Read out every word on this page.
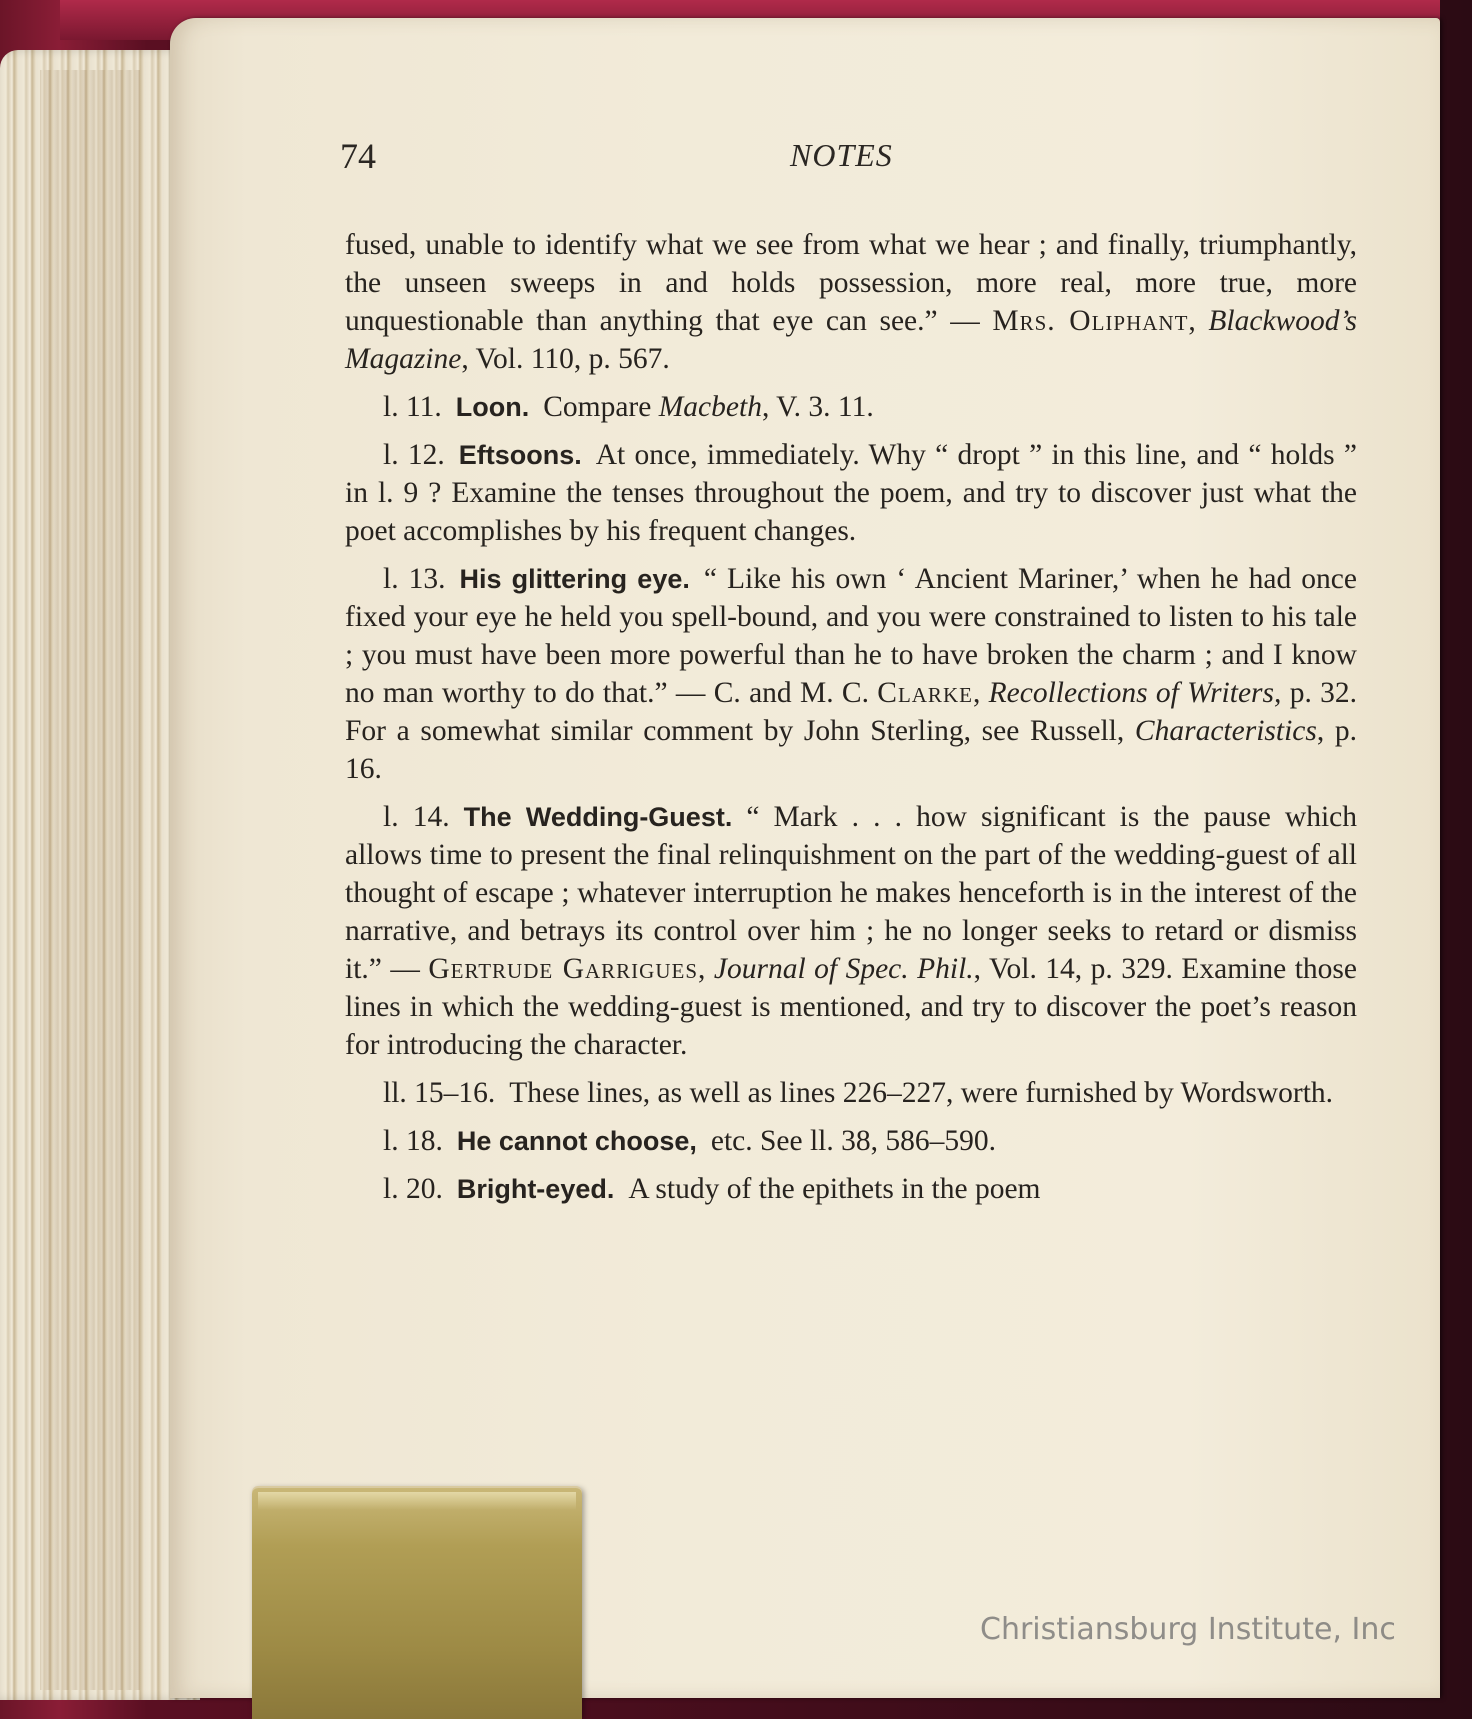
74	NOTES

fused, unable to identify what we see from what we hear ; and finally, triumphantly, the unseen sweeps in and holds possession, more real, more true, more unquestionable than anything that eye can see.” — Mrs. Oliphant, Blackwood’s Magazine, Vol. 110, p. 567.

l. 11. Loon. Compare Macbeth, V. 3. 11.

l. 12. Eftsoons. At once, immediately. Why “ dropt ” in this line, and “ holds ” in l. 9 ? Examine the tenses throughout the poem, and try to discover just what the poet accomplishes by his frequent changes.

l. 13. His glittering eye. “ Like his own ‘ Ancient Mariner,’ when he had once fixed your eye he held you spell-bound, and you were constrained to listen to his tale ; you must have been more powerful than he to have broken the charm ; and I know no man worthy to do that.” — C. and M. C. Clarke, Recollections of Writers, p. 32. For a somewhat similar comment by John Sterling, see Russell, Characteristics, p. 16.

l. 14. The Wedding-Guest. “ Mark . . . how significant is the pause which allows time to present the final relinquishment on the part of the wedding-guest of all thought of escape ; whatever interruption he makes henceforth is in the interest of the narrative, and betrays its control over him ; he no longer seeks to retard or dismiss it.” — Gertrude Garrigues, Journal of Spec. Phil., Vol. 14, p. 329. Examine those lines in which the wedding-guest is mentioned, and try to discover the poet’s reason for introducing the character.

ll. 15–16. These lines, as well as lines 226–227, were furnished by Wordsworth.

l. 18. He cannot choose, etc. See ll. 38, 586–590.

l. 20. Bright-eyed. A study of the epithets in the poem

Christiansburg Institute, Inc
